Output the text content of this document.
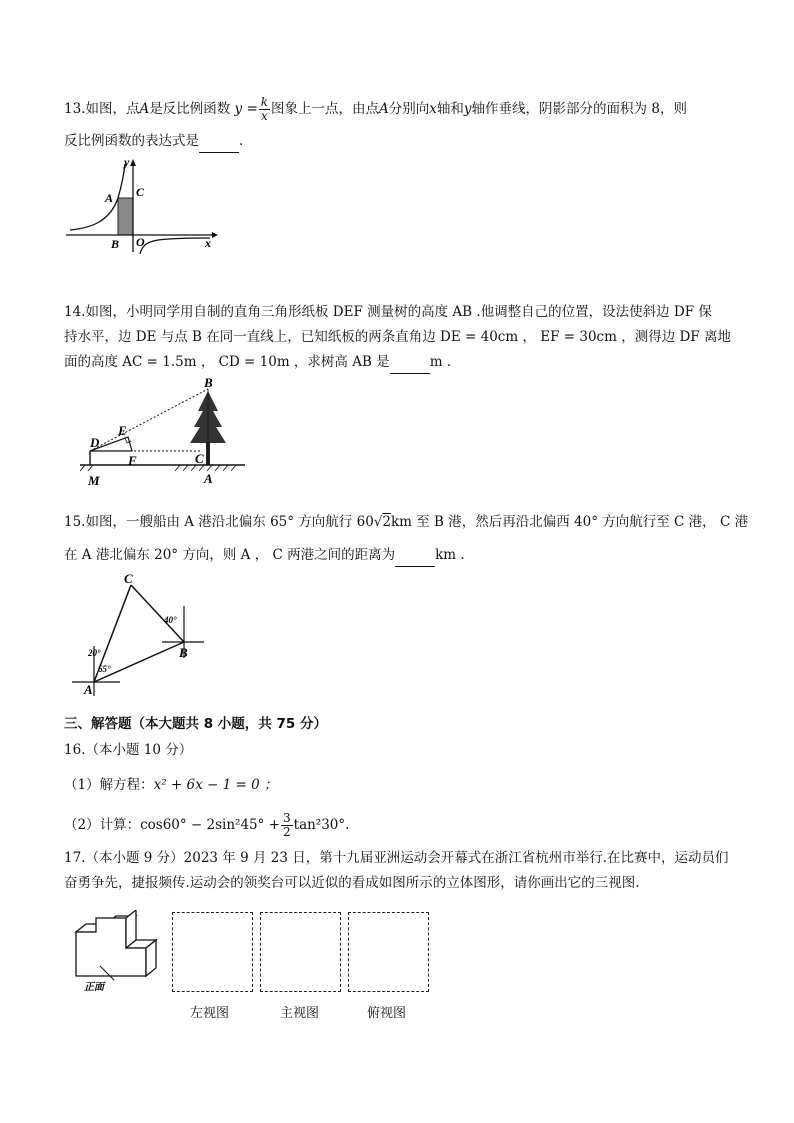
13.如图，点A是反比例函数 $y = \frac{k}{x}$ 图象上一点，由点A分别向x轴和y轴作垂线，阴影部分的面积为 8，则
反比例函数的表达式是	.
y
x
A C
B O
14.如图，小明同学用自制的直角三角形纸板 DEF 测量树的高度 AB .他调整自己的位置，设法使斜边 DF 保
持水平，边 DE 与点 B 在同一直线上，已知纸板的两条直角边 DE = 40cm ， EF = 30cm ，测得边 DF 离地
面的高度 AC = 1.5m ， CD = 10m ，求树高 AB 是	m .
B
E
D
F	C
M	A
15.如图，一艘船由 A 港沿北偏东 65° 方向航行 60√2km 至 B 港，然后再沿北偏西 40° 方向航行至 C 港， C 港
在 A 港北偏东 20° 方向，则 A ， C 两港之间的距离为	km .
C
B
A
40°
20°
65°
三、解答题（本大题共 8 小题，共 75 分）
16.（本小题 10 分）
（1）解方程：x² + 6x − 1 = 0 ；
（2）计算：$\cos 60^\circ - 2\sin^245^\circ + \frac{3}{2} \tan^230^\circ$.
17.（本小题 9 分）2023 年 9 月 23 日，第十九届亚洲运动会开幕式在浙江省杭州市举行.在比赛中，运动员们
奋勇争先，捷报频传.运动会的领奖台可以近似的看成如图所示的立体图形，请你画出它的三视图.
正面
左视图	主视图	俯视图
